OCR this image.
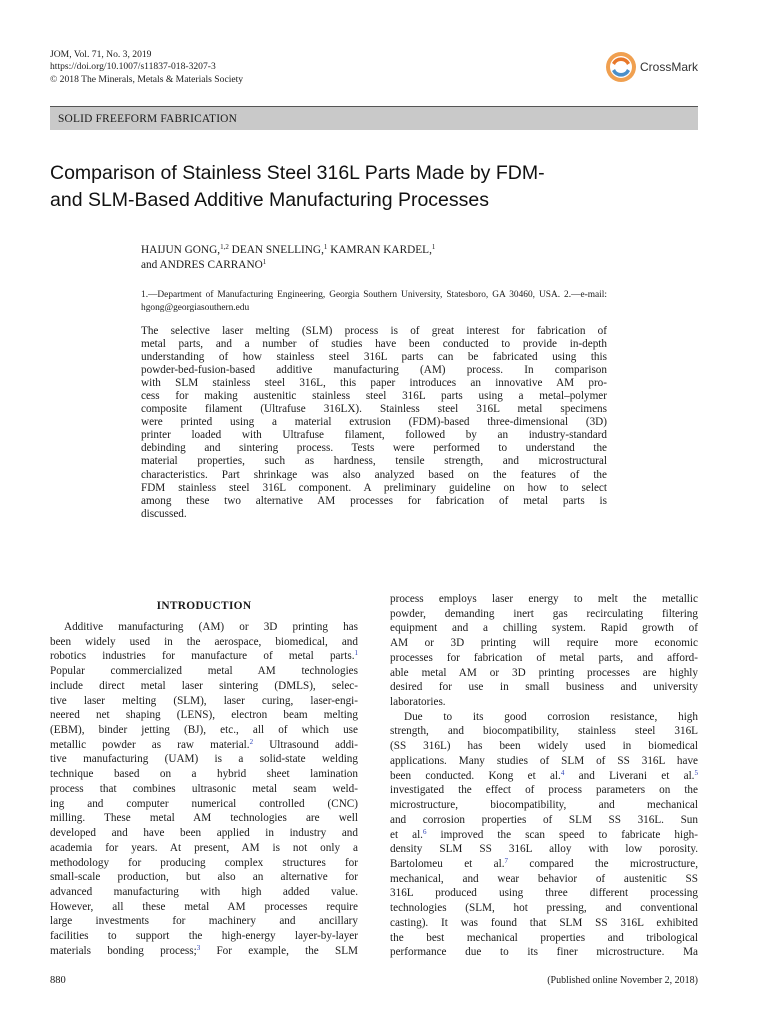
JOM, Vol. 71, No. 3, 2019
https://doi.org/10.1007/s11837-018-3207-3
© 2018 The Minerals, Metals & Materials Society
CrossMark
SOLID FREEFORM FABRICATION
Comparison of Stainless Steel 316L Parts Made by FDM-
and SLM-Based Additive Manufacturing Processes
HAIJUN GONG,$^{1,2}$ DEAN SNELLING,$^1$ KAMRAN KARDEL,$^1$
and ANDRES CARRANO$^1$
1.—Department of Manufacturing Engineering, Georgia Southern University, Statesboro, GA 30460, USA. 2.—e-mail: hgong@georgiasouthern.edu
The selective laser melting (SLM) process is of great interest for fabrication of
metal parts, and a number of studies have been conducted to provide in-depth
understanding of how stainless steel 316L parts can be fabricated using this
powder-bed-fusion-based additive manufacturing (AM) process. In comparison
with SLM stainless steel 316L, this paper introduces an innovative AM pro-
cess for making austenitic stainless steel 316L parts using a metal–polymer
composite filament (Ultrafuse 316LX). Stainless steel 316L metal specimens
were printed using a material extrusion (FDM)-based three-dimensional (3D)
printer loaded with Ultrafuse filament, followed by an industry-standard
debinding and sintering process. Tests were performed to understand the
material properties, such as hardness, tensile strength, and microstructural
characteristics. Part shrinkage was also analyzed based on the features of the
FDM stainless steel 316L component. A preliminary guideline on how to select
among these two alternative AM processes for fabrication of metal parts is
discussed.
INTRODUCTION
Additive manufacturing (AM) or 3D printing has
been widely used in the aerospace, biomedical, and
robotics industries for manufacture of metal parts.$^1$
Popular commercialized metal AM technologies
include direct metal laser sintering (DMLS), selec-
tive laser melting (SLM), laser curing, laser-engi-
neered net shaping (LENS), electron beam melting
(EBM), binder jetting (BJ), etc., all of which use
metallic powder as raw material.$^2$ Ultrasound addi-
tive manufacturing (UAM) is a solid-state welding
technique based on a hybrid sheet lamination
process that combines ultrasonic metal seam weld-
ing and computer numerical controlled (CNC)
milling. These metal AM technologies are well
developed and have been applied in industry and
academia for years. At present, AM is not only a
methodology for producing complex structures for
small-scale production, but also an alternative for
advanced manufacturing with high added value.
However, all these metal AM processes require
large investments for machinery and ancillary
facilities to support the high-energy layer-by-layer
materials bonding process;$^3$ For example, the SLM
process employs laser energy to melt the metallic
powder, demanding inert gas recirculating filtering
equipment and a chilling system. Rapid growth of
AM or 3D printing will require more economic
processes for fabrication of metal parts, and afford-
able metal AM or 3D printing processes are highly
desired for use in small business and university
laboratories.
Due to its good corrosion resistance, high
strength, and biocompatibility, stainless steel 316L
(SS 316L) has been widely used in biomedical
applications. Many studies of SLM of SS 316L have
been conducted. Kong et al.$^4$ and Liverani et al.$^5$
investigated the effect of process parameters on the
microstructure, biocompatibility, and mechanical
and corrosion properties of SLM SS 316L. Sun
et al.$^6$ improved the scan speed to fabricate high-
density SLM SS 316L alloy with low porosity.
Bartolomeu et al.$^7$ compared the microstructure,
mechanical, and wear behavior of austenitic SS
316L produced using three different processing
technologies (SLM, hot pressing, and conventional
casting). It was found that SLM SS 316L exhibited
the best mechanical properties and tribological
performance due to its finer microstructure. Ma
880	(Published online November 2, 2018)
